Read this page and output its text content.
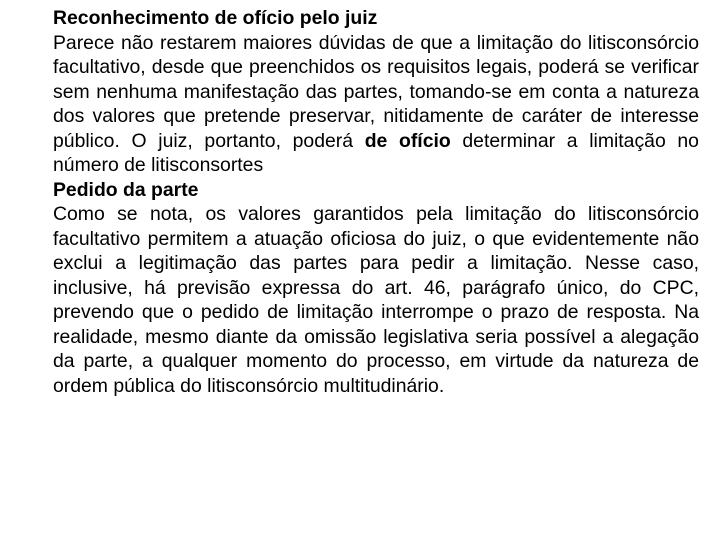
Reconhecimento de ofício pelo juiz

Parece não restarem maiores dúvidas de que a limitação do litisconsórcio facultativo, desde que preenchidos os requisitos legais, poderá se verificar sem nenhuma manifestação das partes, tomando-se em conta a natureza dos valores que pretende preservar, nitidamente de caráter de interesse público. O juiz, portanto, poderá de ofício determinar a limitação no número de litisconsortes

Pedido da parte

Como se nota, os valores garantidos pela limitação do litisconsórcio facultativo permitem a atuação oficiosa do juiz, o que evidentemente não exclui a legitimação das partes para pedir a limitação. Nesse caso, inclusive, há previsão expressa do art. 46, parágrafo único, do CPC, prevendo que o pedido de limitação interrompe o prazo de resposta. Na realidade, mesmo diante da omissão legislativa seria possível a alegação da parte, a qualquer momento do processo, em virtude da natureza de ordem pública do litisconsórcio multitudinário.
